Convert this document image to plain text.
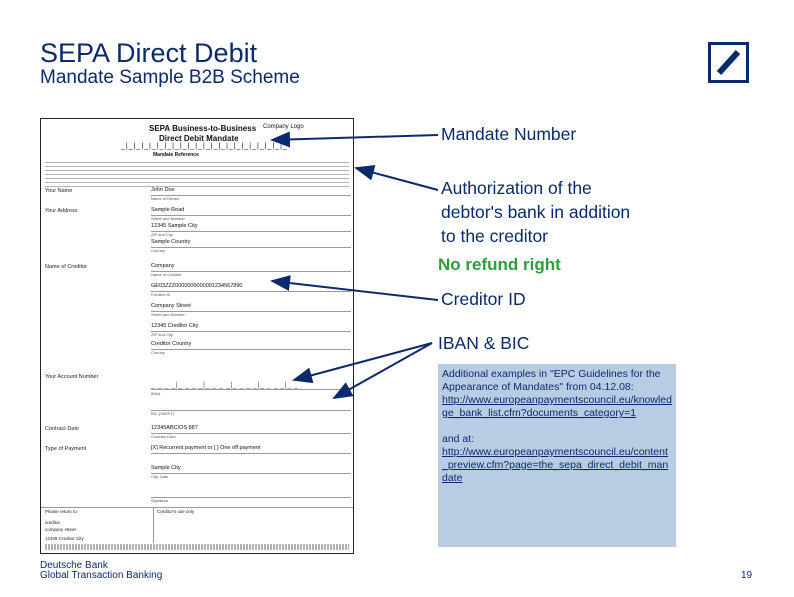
SEPA Direct Debit
Mandate Sample B2B Scheme
SEPA Business-to-Business
Direct Debit Mandate
Company Logo
_|_|_|_|_|_|_|_|_|_|_|_|_|_|_|_|_|_|_|_|_|_
Mandate Reference
Your Name	John Doe
Name of Debtor
Your Address	Sample Road
Street and Number
12345 Sample City
ZIP and City
Sample Country
Country
Name of Creditor	Company
Name of Creditor
GE03ZZZ0000000000001234567890
Creditor ID
Company Street
Street and Number
12345 Creditor City
ZIP and City
Creditor Country
Country
Your Account Number
_ _ _ _|_ _ _ _|_ _ _ _|_ _ _ _|_ _ _ _|_ _
IBAN
BIC (SWIFT)
Contract Date	12345ABC/OS 887
Contract Date
Type of Payment	[X] Recurrent payment or [ ] One off payment
Sample City
City, Date
Signature
Please return to:	Creditor's use only
creditor
company street
12345 Creditor City
Mandate Number
Authorization of the
debtor's bank in addition
to the creditor
No refund right
Creditor ID
IBAN & BIC

Additional examples in "EPC Guidelines for the Appearance of Mandates" from 04.12.08:

http://www.europeanpaymentscouncil.eu/knowledge_bank_list.cfm?documents_category=1

and at:

http://www.europeanpaymentscouncil.eu/content_preview.cfm?page=the_sepa_direct_debit_mandate

Deutsche Bank
Global Transaction Banking	19
